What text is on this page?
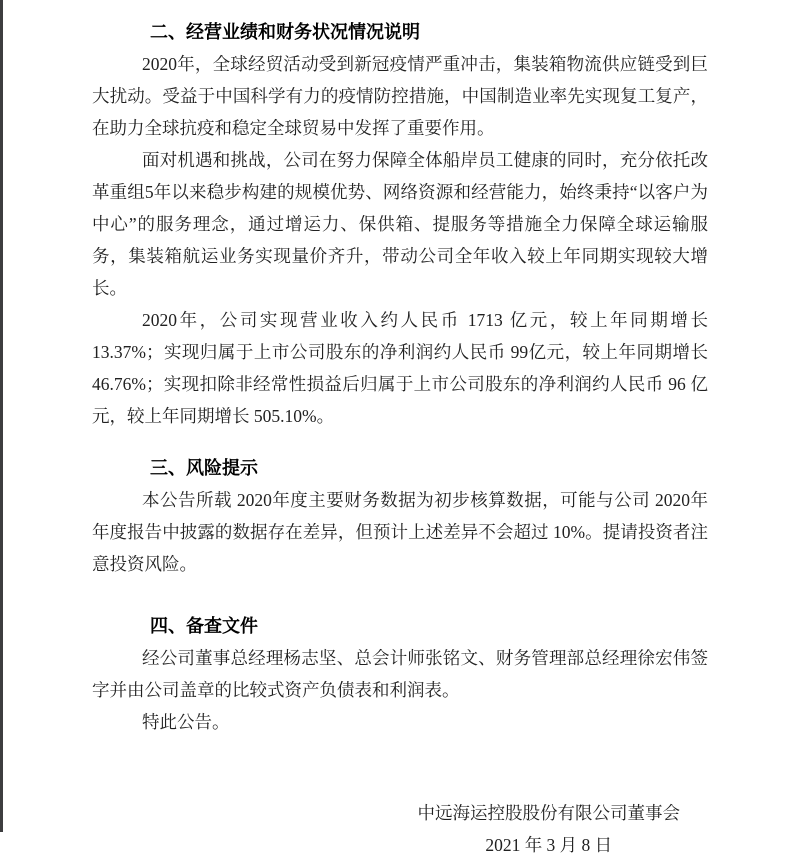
二、经营业绩和财务状况情况说明

2020年，全球经贸活动受到新冠疫情严重冲击，集装箱物流供应链受到巨大扰动。受益于中国科学有力的疫情防控措施，中国制造业率先实现复工复产，在助力全球抗疫和稳定全球贸易中发挥了重要作用。

面对机遇和挑战，公司在努力保障全体船岸员工健康的同时，充分依托改革重组5年以来稳步构建的规模优势、网络资源和经营能力，始终秉持“以客户为中心”的服务理念，通过增运力、保供箱、提服务等措施全力保障全球运输服务，集装箱航运业务实现量价齐升，带动公司全年收入较上年同期实现较大增长。

2020年，公司实现营业收入约人民币 1713 亿元，较上年同期增长 13.37%；实现归属于上市公司股东的净利润约人民币 99亿元，较上年同期增长 46.76%；实现扣除非经常性损益后归属于上市公司股东的净利润约人民币 96 亿元，较上年同期增长 505.10%。

三、风险提示

本公告所载 2020年度主要财务数据为初步核算数据，可能与公司 2020年年度报告中披露的数据存在差异，但预计上述差异不会超过 10%。提请投资者注意投资风险。

四、备查文件

经公司董事总经理杨志坚、总会计师张铭文、财务管理部总经理徐宏伟签字并由公司盖章的比较式资产负债表和利润表。

特此公告。

中远海运控股股份有限公司董事会
2021 年 3 月 8 日
